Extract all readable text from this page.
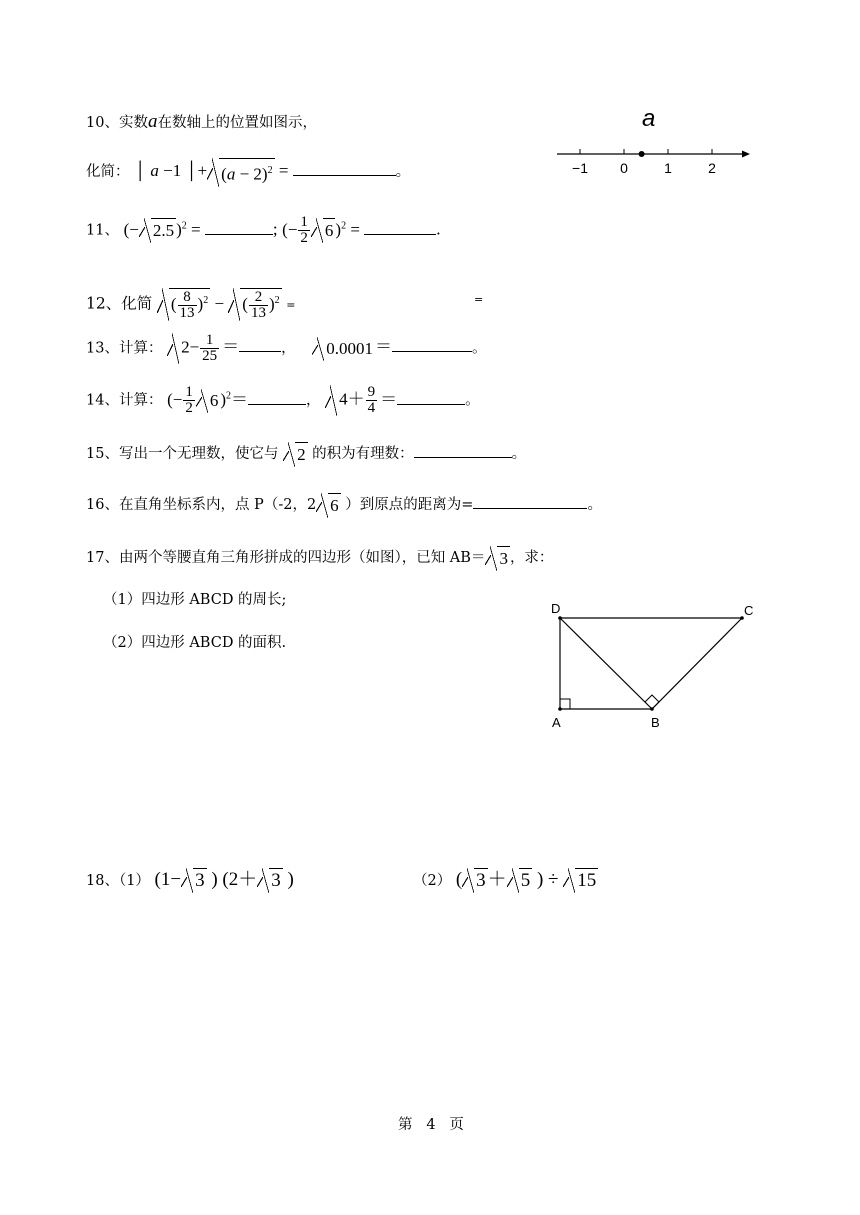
10、实数a在数轴上的位置如图示，
化简： │ a −1 │+ $(a - 2)^2$ =	。
a
−1 0	1	2
11、 (− 2.5 )$^2$ =	; (− $\frac{1}{2} 6$ )$^2$ =	.
12、化简 ( $\frac{8}{13} )^2$ − ( $\frac{2}{13} )^2$ =	=
13、计算： $2- \frac{1}{25}$ ＝	， 0.0001 ＝	。
14、计算： (− $\frac{1}{2} 6$ )$^2$＝	， $4+ \frac{9}{4}$ ＝	。
15、写出一个无理数，使它与 2 的积为有理数：	。
16、在直角坐标系内，点 P（-2，2 6 ）到原点的距离为=	。
17、由两个等腰直角三角形拼成的四边形（如图），已知 AB＝ 3 ，求：
（1）四边形 ABCD 的周长;
（2）四边形 ABCD 的面积.
D	C
A	B
18、（1） (1− 3 ) (2＋ 3 )	（2） ( 3 ＋ 5 ) ÷ 15
第   4   页
